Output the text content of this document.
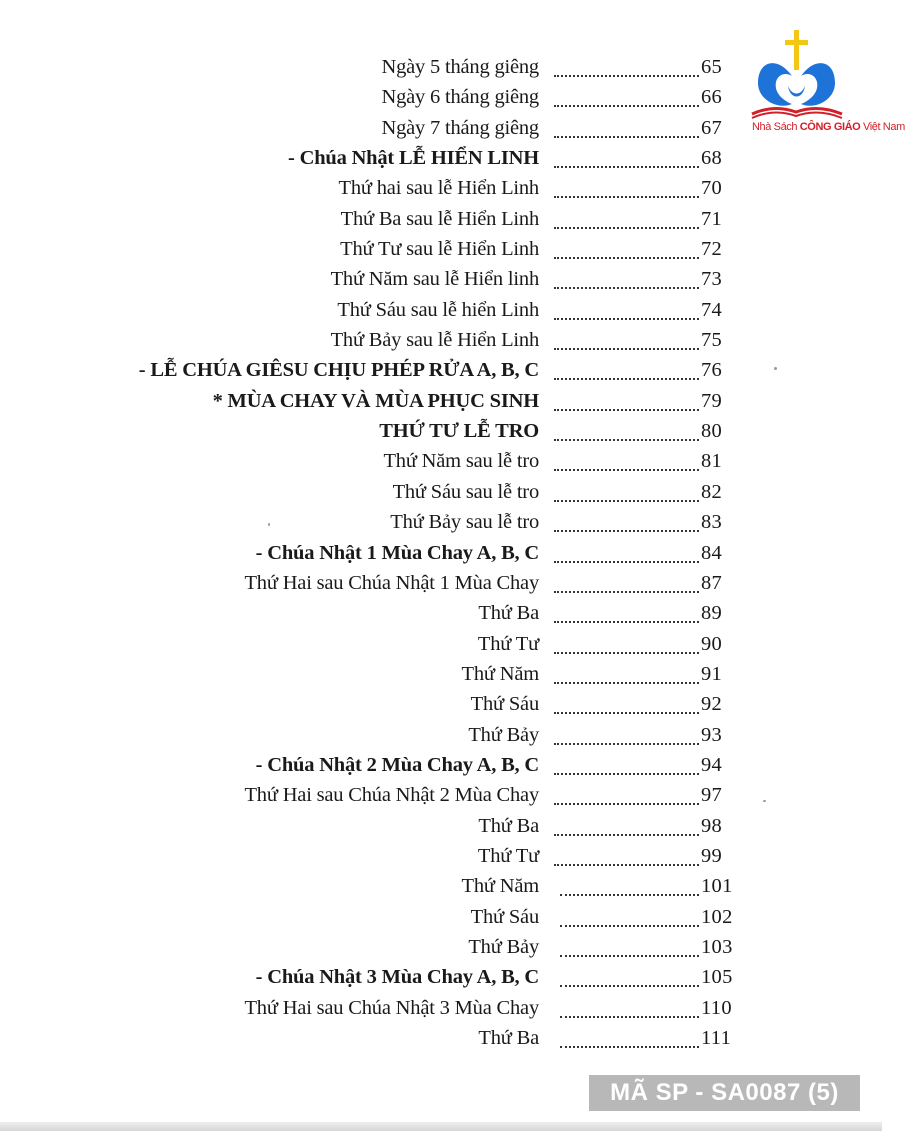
Nhà Sách CÔNG GIÁO Việt Nam
Ngày 5 tháng giêng	65
Ngày 6 tháng giêng	66
Ngày 7 tháng giêng	67
- Chúa Nhật LỄ HIỂN LINH	68
Thứ hai sau lễ Hiển Linh	70
Thứ Ba sau lễ Hiển Linh	71
Thứ Tư sau lễ Hiển Linh	72
Thứ Năm sau lễ Hiển linh	73
Thứ Sáu sau lễ hiển Linh	74
Thứ Bảy sau lễ Hiển Linh	75
- LỄ CHÚA GIÊSU CHỊU PHÉP RỬA A, B, C	76
* MÙA CHAY VÀ MÙA PHỤC SINH	79
THỨ TƯ LỄ TRO	80
Thứ Năm sau lễ tro	81
Thứ Sáu sau lễ tro	82
Thứ Bảy sau lễ tro	83
- Chúa Nhật 1 Mùa Chay A, B, C	84
Thứ Hai sau Chúa Nhật 1 Mùa Chay	87
Thứ Ba	89
Thứ Tư	90
Thứ Năm	91
Thứ Sáu	92
Thứ Bảy	93
- Chúa Nhật 2 Mùa Chay A, B, C	94
Thứ Hai sau Chúa Nhật 2 Mùa Chay	97
Thứ Ba	98
Thứ Tư	99
Thứ Năm	101
Thứ Sáu	102
Thứ Bảy	103
- Chúa Nhật 3 Mùa Chay A, B, C	105
Thứ Hai sau Chúa Nhật 3 Mùa Chay	110
Thứ Ba	111
MÃ SP - SA0087 (5)
